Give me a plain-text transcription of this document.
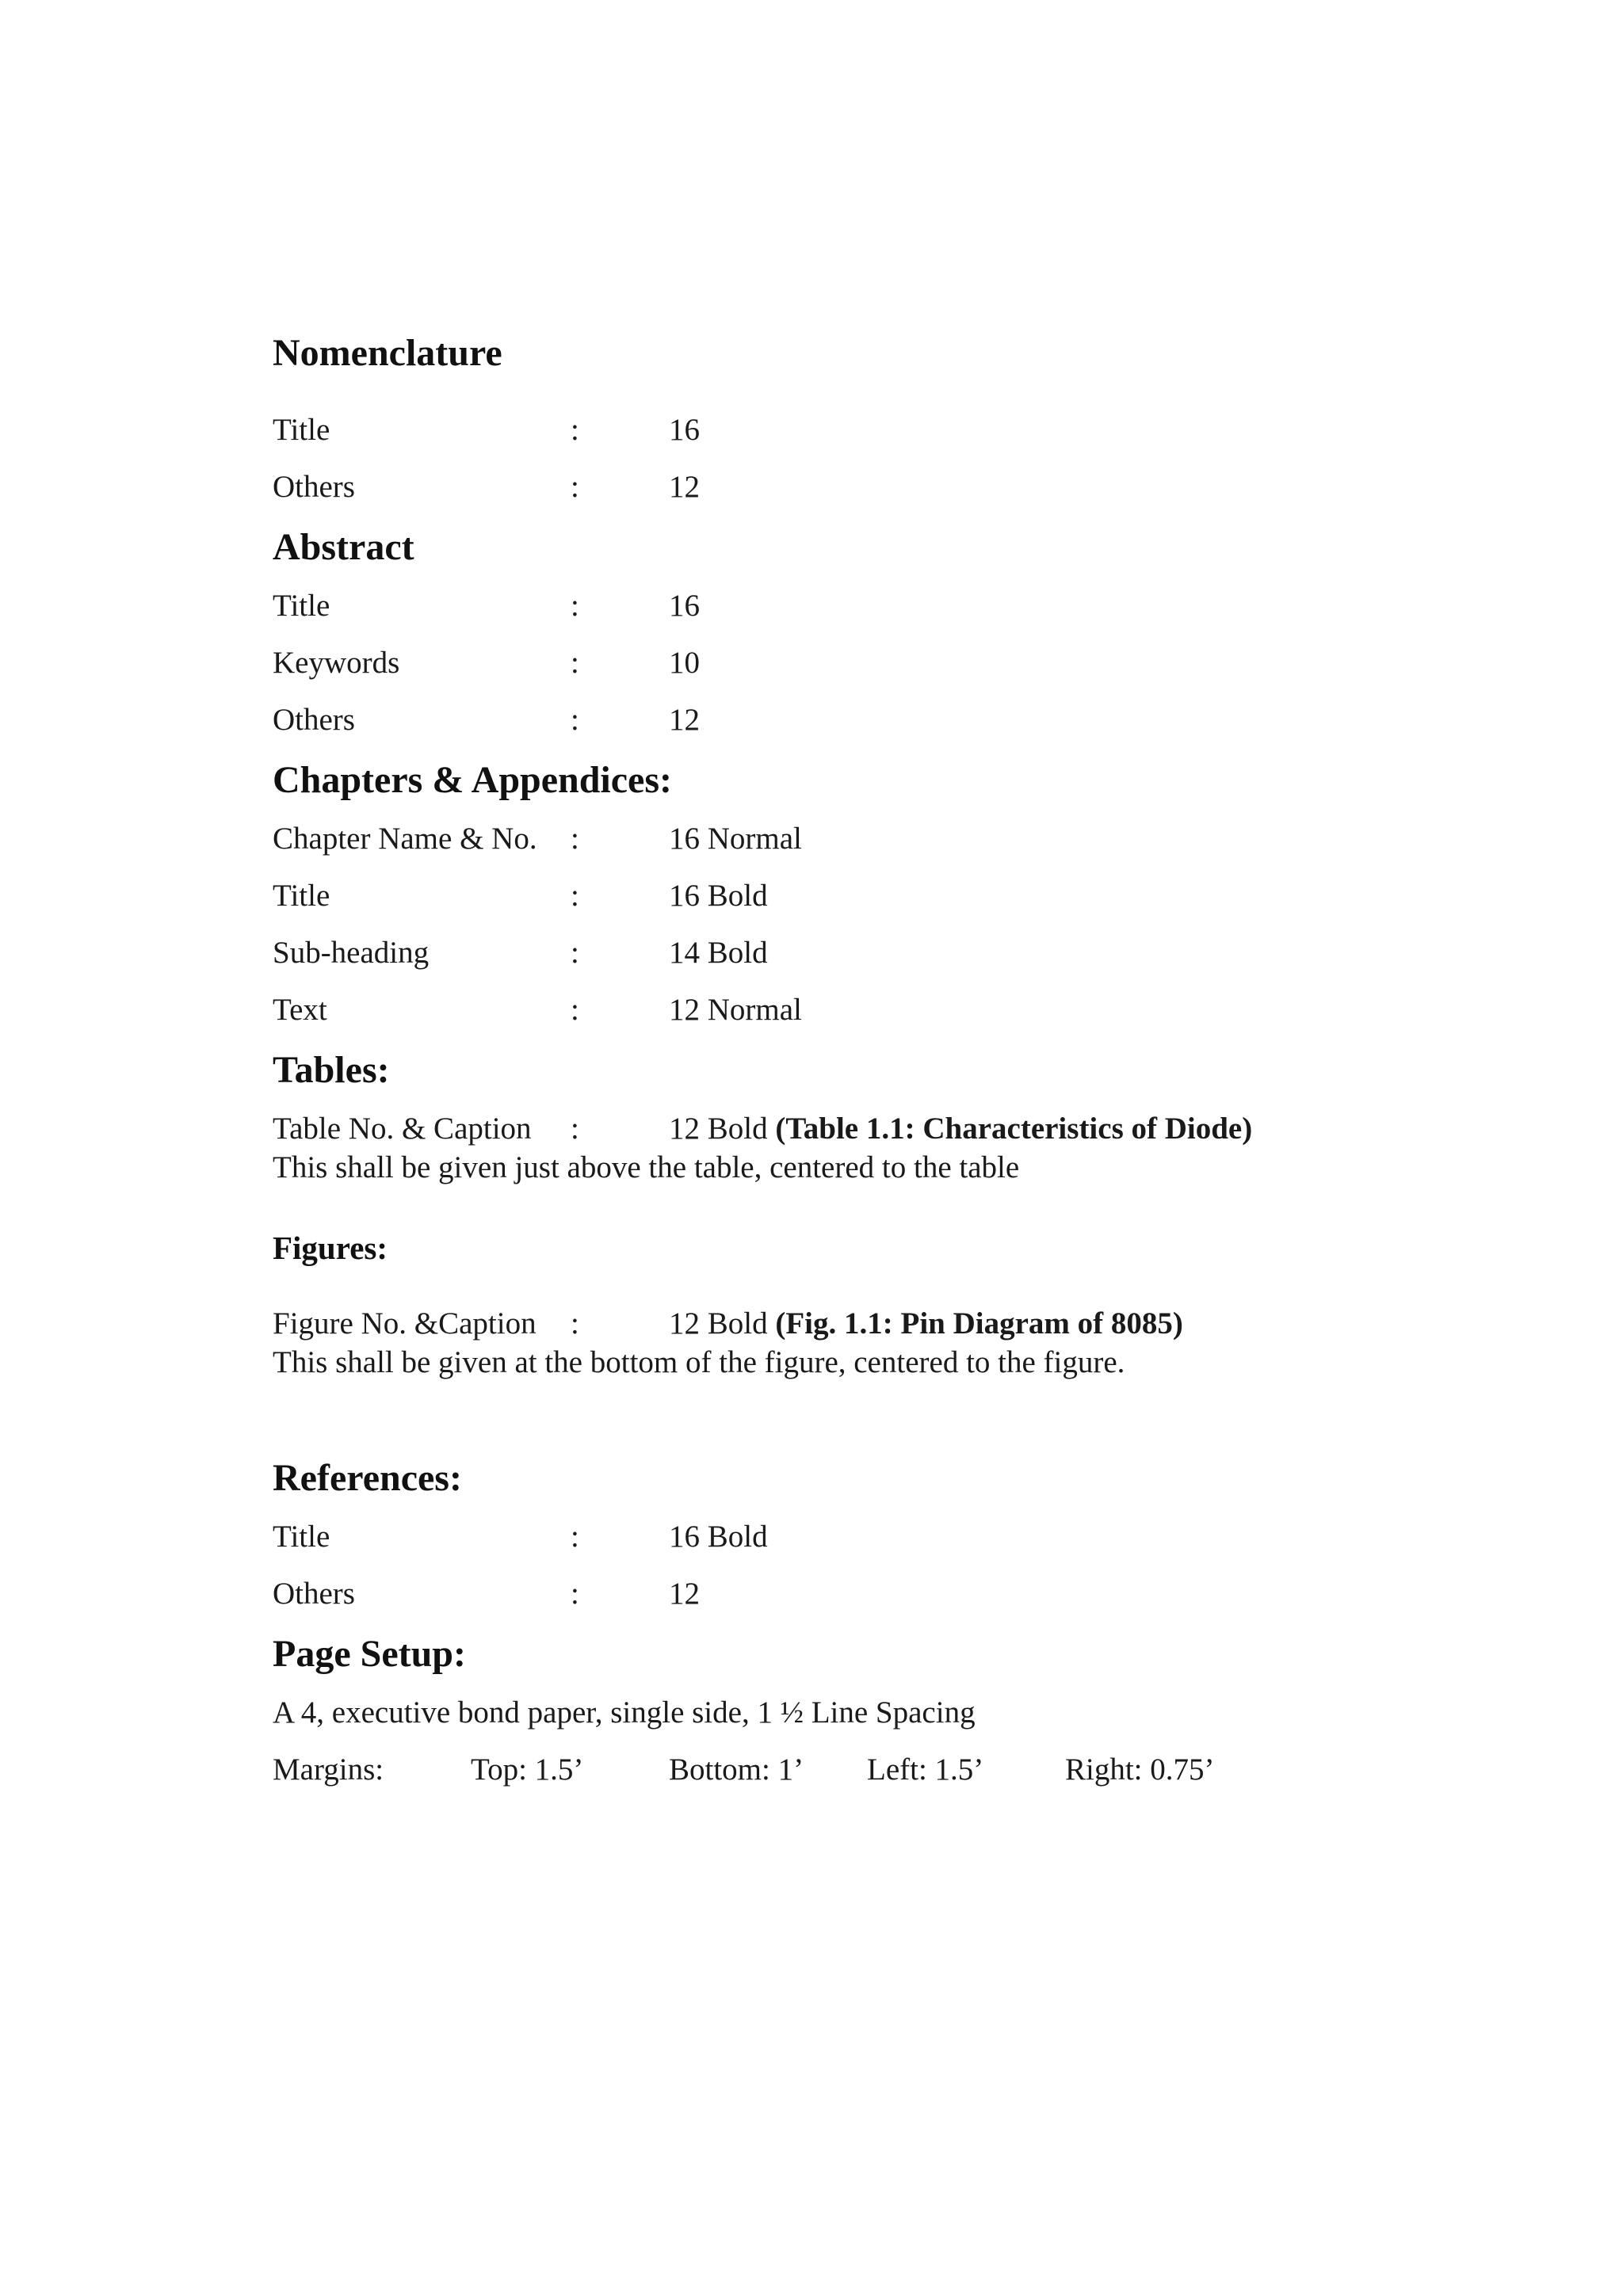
Nomenclature
Title	:	16
Others	:	12
Abstract
Title	:	16
Keywords	:	10
Others	:	12
Chapters & Appendices:
Chapter Name & No.	:	16 Normal
Title	:	16 Bold
Sub-heading	:	14 Bold
Text	:	12 Normal
Tables:
Table No. & Caption	:	12 Bold (Table 1.1: Characteristics of Diode)
This shall be given just above the table, centered to the table
Figures:
Figure No. &Caption	:	12 Bold (Fig. 1.1: Pin Diagram of 8085)
This shall be given at the bottom of the figure, centered to the figure.
References:
Title	:	16 Bold
Others	:	12
Page Setup:
A 4, executive bond paper, single side, 1 ½ Line Spacing
Margins:	Top: 1.5’	Bottom: 1’	Left: 1.5’	Right: 0.75’
